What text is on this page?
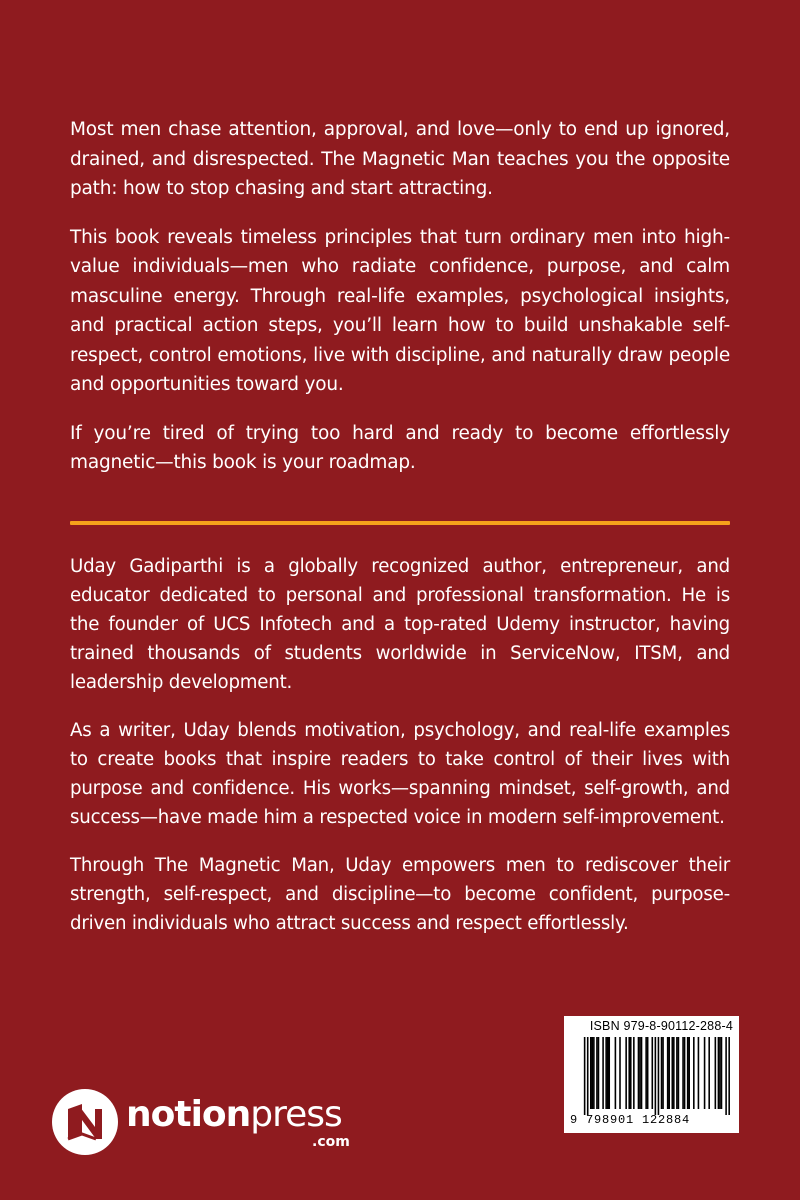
Most men chase attention, approval, and love—only to end up ignored, drained, and disrespected. The Magnetic Man teaches you the opposite path: how to stop chasing and start attracting.

This book reveals timeless principles that turn ordinary men into high-value individuals—men who radiate confidence, purpose, and calm masculine energy. Through real-life examples, psychological insights, and practical action steps, you’ll learn how to build unshakable self-respect, control emotions, live with discipline, and naturally draw people and opportunities toward you.

If you’re tired of trying too hard and ready to become effortlessly magnetic—this book is your roadmap.

Uday Gadiparthi is a globally recognized author, entrepreneur, and educator dedicated to personal and professional transformation. He is the founder of UCS Infotech and a top-rated Udemy instructor, having trained thousands of students worldwide in ServiceNow, ITSM, and leadership development.

As a writer, Uday blends motivation, psychology, and real-life examples to create books that inspire readers to take control of their lives with purpose and confidence. His works—spanning mindset, self-growth, and success—have made him a respected voice in modern self-improvement.

Through The Magnetic Man, Uday empowers men to rediscover their strength, self-respect, and discipline—to become confident, purpose-driven individuals who attract success and respect effortlessly.

notionpress
.com
ISBN 979-8-90112-288-4
9 798901 122884
